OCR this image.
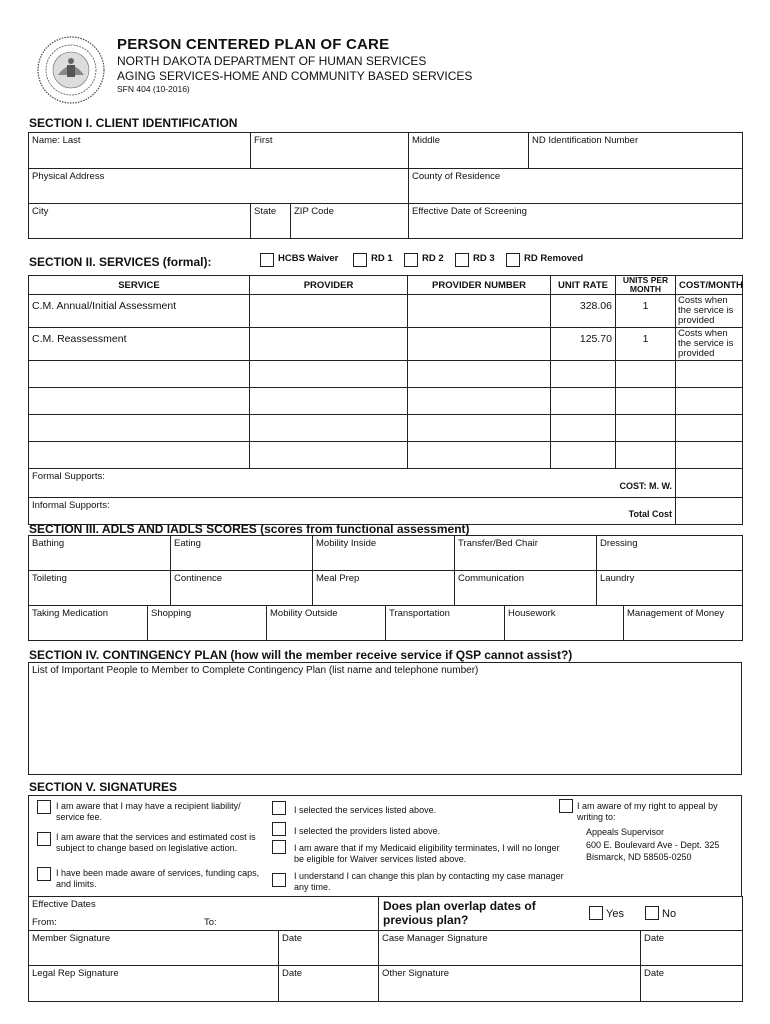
PERSON CENTERED PLAN OF CARE
NORTH DAKOTA DEPARTMENT OF HUMAN SERVICES
AGING SERVICES-HOME AND COMMUNITY BASED SERVICES
SFN 404 (10-2016)
SECTION I. CLIENT IDENTIFICATION
Name: Last	First		Middle	ND Identification Number
Physical Address			County of Residence	
City	State	ZIP Code	Effective Date of Screening	
SECTION II. SERVICES (formal):	HCBS Waiver	RD 1	RD 2	RD 3	RD Removed
SERVICE	PROVIDER	PROVIDER NUMBER	UNIT RATE	UNITS PER MONTH	COST/MONTH
C.M. Annual/Initial Assessment			328.06	1	Costs when the service is provided
C.M. Reassessment			125.70	1	Costs when the service is provided

Formal Supports:
COST: M. W.					

Informal Supports:
Total Cost					

SECTION III. ADLS AND IADLS SCORES (scores from functional assessment)
Bathing	Eating	Mobility Inside	Transfer/Bed Chair	Dressing
Toileting	Continence	Meal Prep	Communication	Laundry
Taking Medication	Shopping	Mobility Outside	Transportation	Housework	Management of Money
SECTION IV. CONTINGENCY PLAN (how will the member receive service if QSP cannot assist?)
List of Important People to Member to Complete Contingency Plan (list name and telephone number)
SECTION V. SIGNATURES
I am aware that I may have a recipient liability/ service fee.
I am aware that the services and estimated cost is subject to change based on legislative action.
I have been made aware of services, funding caps, and limits.
I selected the services listed above.
I selected the providers listed above.
I am aware that if my Medicaid eligibility terminates, I will no longer be eligible for Waiver services listed above.
I understand I can change this plan by contacting my case manager any time.
I am aware of my right to appeal by writing to:
Appeals Supervisor
600 E. Boulevard Ave - Dept. 325
Bismarck, ND 58505-0250
Effective Dates
From: To:		Does plan overlap dates of previous plan? Yes No	

Member Signature	Date	Case Manager Signature	Date
Legal Rep Signature	Date	Other Signature	Date
